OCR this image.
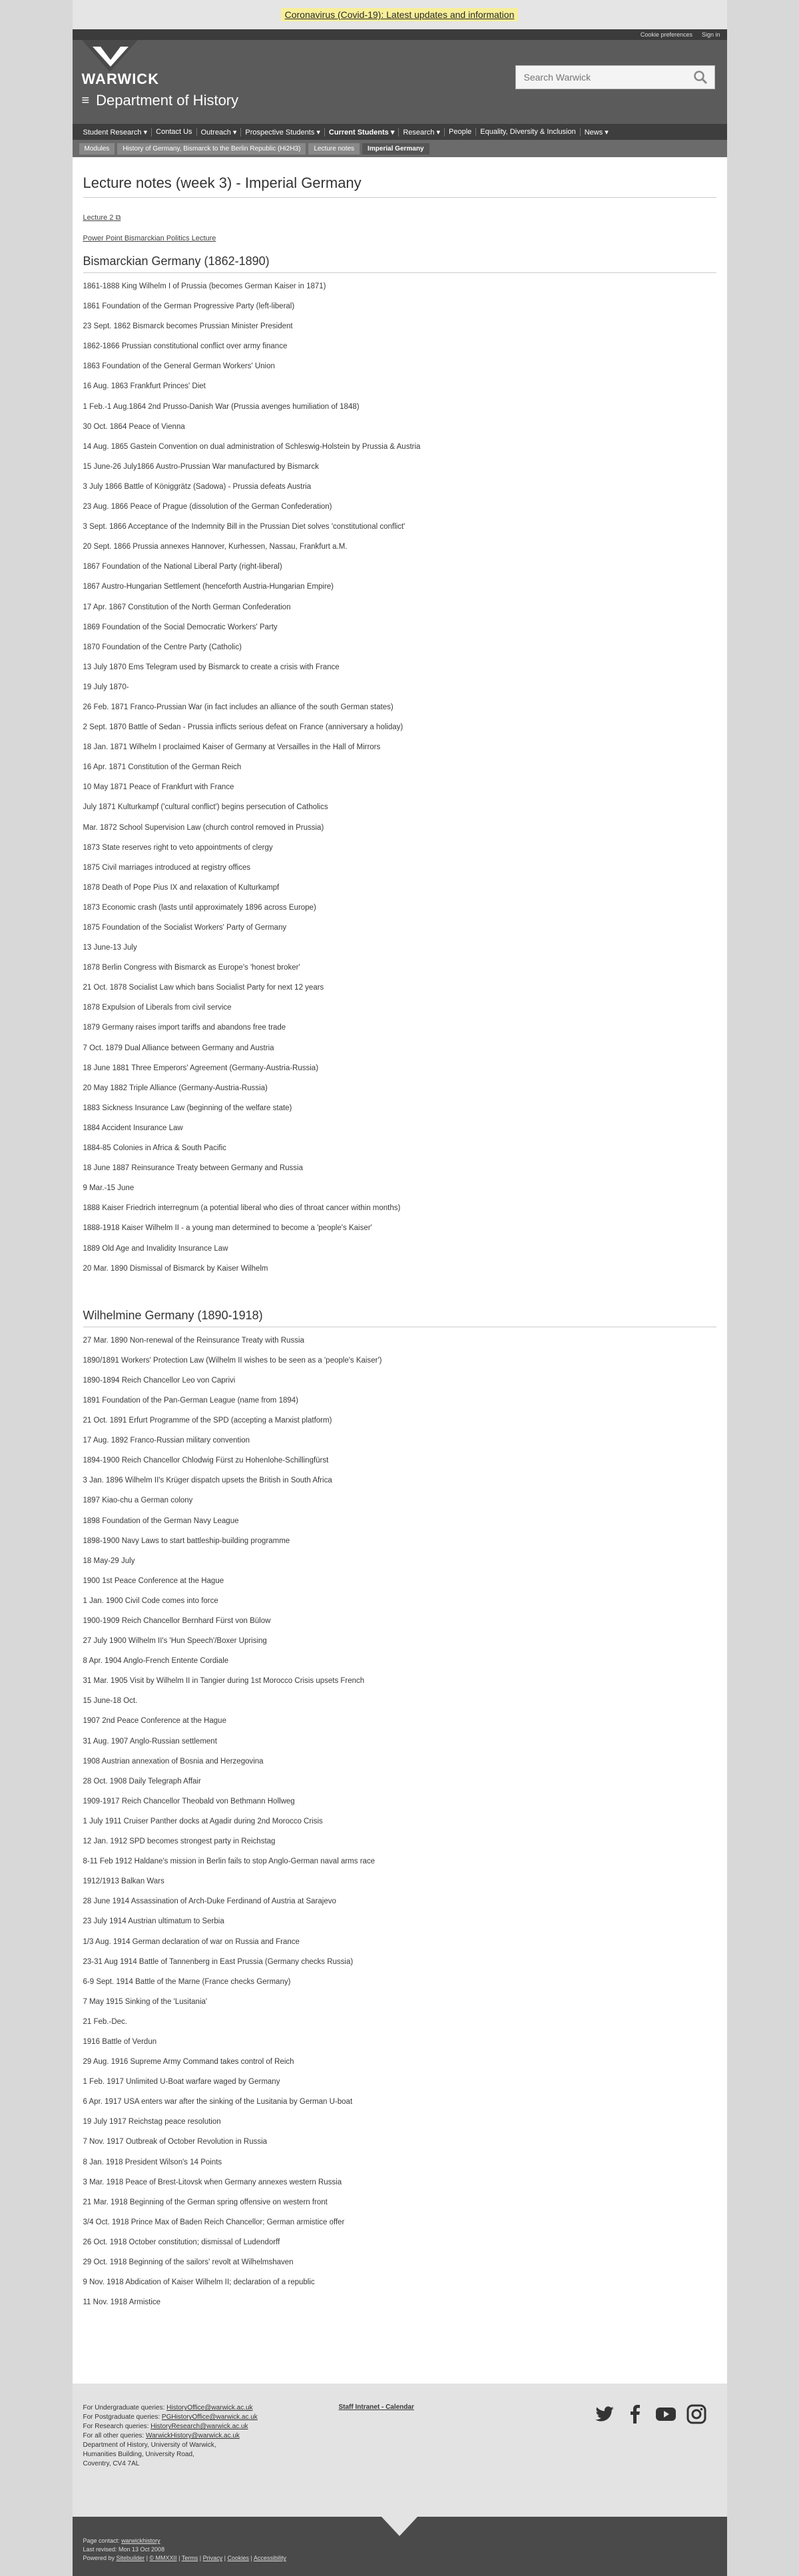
Coronavirus (Covid-19): Latest updates and information
Cookie preferences Sign in
WARWICK
≡ Department of History
Search Warwick
Student Research ▾	Contact Us	Outreach ▾	Prospective Students ▾	Current Students ▾	Research ▾	People	Equality, Diversity & Inclusion	News ▾
Modules	History of Germany, Bismarck to the Berlin Republic (Hi2H3)	Lecture notes	Imperial Germany
Lecture notes (week 3) - Imperial Germany

Lecture 2 ⧉

Power Point Bismarckian Politics Lecture

Bismarckian Germany (1862-1890)

1861-1888 King Wilhelm I of Prussia (becomes German Kaiser in 1871)

1861 Foundation of the German Progressive Party (left-liberal)

23 Sept. 1862 Bismarck becomes Prussian Minister President

1862-1866 Prussian constitutional conflict over army finance

1863 Foundation of the General German Workers' Union

16 Aug. 1863 Frankfurt Princes' Diet

1 Feb.-1 Aug.1864 2nd Prusso-Danish War (Prussia avenges humiliation of 1848)

30 Oct. 1864 Peace of Vienna

14 Aug. 1865 Gastein Convention on dual administration of Schleswig-Holstein by Prussia & Austria

15 June-26 July1866 Austro-Prussian War manufactured by Bismarck

3 July 1866 Battle of Königgrätz (Sadowa) - Prussia defeats Austria

23 Aug. 1866 Peace of Prague (dissolution of the German Confederation)

3 Sept. 1866 Acceptance of the Indemnity Bill in the Prussian Diet solves 'constitutional conflict'

20 Sept. 1866 Prussia annexes Hannover, Kurhessen, Nassau, Frankfurt a.M.

1867 Foundation of the National Liberal Party (right-liberal)

1867 Austro-Hungarian Settlement (henceforth Austria-Hungarian Empire)

17 Apr. 1867 Constitution of the North German Confederation

1869 Foundation of the Social Democratic Workers' Party

1870 Foundation of the Centre Party (Catholic)

13 July 1870 Ems Telegram used by Bismarck to create a crisis with France

19 July 1870-

26 Feb. 1871 Franco-Prussian War (in fact includes an alliance of the south German states)

2 Sept. 1870 Battle of Sedan - Prussia inflicts serious defeat on France (anniversary a holiday)

18 Jan. 1871 Wilhelm I proclaimed Kaiser of Germany at Versailles in the Hall of Mirrors

16 Apr. 1871 Constitution of the German Reich

10 May 1871 Peace of Frankfurt with France

July 1871 Kulturkampf ('cultural conflict') begins persecution of Catholics

Mar. 1872 School Supervision Law (church control removed in Prussia)

1873 State reserves right to veto appointments of clergy

1875 Civil marriages introduced at registry offices

1878 Death of Pope Pius IX and relaxation of Kulturkampf

1873 Economic crash (lasts until approximately 1896 across Europe)

1875 Foundation of the Socialist Workers' Party of Germany

13 June-13 July

1878 Berlin Congress with Bismarck as Europe's 'honest broker'

21 Oct. 1878 Socialist Law which bans Socialist Party for next 12 years

1878 Expulsion of Liberals from civil service

1879 Germany raises import tariffs and abandons free trade

7 Oct. 1879 Dual Alliance between Germany and Austria

18 June 1881 Three Emperors' Agreement (Germany-Austria-Russia)

20 May 1882 Triple Alliance (Germany-Austria-Russia)

1883 Sickness Insurance Law (beginning of the welfare state)

1884 Accident Insurance Law

1884-85 Colonies in Africa & South Pacific

18 June 1887 Reinsurance Treaty between Germany and Russia

9 Mar.-15 June

1888 Kaiser Friedrich interregnum (a potential liberal who dies of throat cancer within months)

1888-1918 Kaiser Wilhelm II - a young man determined to become a 'people's Kaiser'

1889 Old Age and Invalidity Insurance Law

20 Mar. 1890 Dismissal of Bismarck by Kaiser Wilhelm

Wilhelmine Germany (1890-1918)

27 Mar. 1890 Non-renewal of the Reinsurance Treaty with Russia

1890/1891 Workers' Protection Law (Wilhelm II wishes to be seen as a 'people's Kaiser')

1890-1894 Reich Chancellor Leo von Caprivi

1891 Foundation of the Pan-German League (name from 1894)

21 Oct. 1891 Erfurt Programme of the SPD (accepting a Marxist platform)

17 Aug. 1892 Franco-Russian military convention

1894-1900 Reich Chancellor Chlodwig Fürst zu Hohenlohe-Schillingfürst

3 Jan. 1896 Wilhelm II's Krüger dispatch upsets the British in South Africa

1897 Kiao-chu a German colony

1898 Foundation of the German Navy League

1898-1900 Navy Laws to start battleship-building programme

18 May-29 July

1900 1st Peace Conference at the Hague

1 Jan. 1900 Civil Code comes into force

1900-1909 Reich Chancellor Bernhard Fürst von Bülow

27 July 1900 Wilhelm II's 'Hun Speech'/Boxer Uprising

8 Apr. 1904 Anglo-French Entente Cordiale

31 Mar. 1905 Visit by Wilhelm II in Tangier during 1st Morocco Crisis upsets French

15 June-18 Oct.

1907 2nd Peace Conference at the Hague

31 Aug. 1907 Anglo-Russian settlement

1908 Austrian annexation of Bosnia and Herzegovina

28 Oct. 1908 Daily Telegraph Affair

1909-1917 Reich Chancellor Theobald von Bethmann Hollweg

1 July 1911 Cruiser Panther docks at Agadir during 2nd Morocco Crisis

12 Jan. 1912 SPD becomes strongest party in Reichstag

8-11 Feb 1912 Haldane's mission in Berlin fails to stop Anglo-German naval arms race

1912/1913 Balkan Wars

28 June 1914 Assassination of Arch-Duke Ferdinand of Austria at Sarajevo

23 July 1914 Austrian ultimatum to Serbia

1/3 Aug. 1914 German declaration of war on Russia and France

23-31 Aug 1914 Battle of Tannenberg in East Prussia (Germany checks Russia)

6-9 Sept. 1914 Battle of the Marne (France checks Germany)

7 May 1915 Sinking of the 'Lusitania'

21 Feb.-Dec.

1916 Battle of Verdun

29 Aug. 1916 Supreme Army Command takes control of Reich

1 Feb. 1917 Unlimited U-Boat warfare waged by Germany

6 Apr. 1917 USA enters war after the sinking of the Lusitania by German U-boat

19 July 1917 Reichstag peace resolution

7 Nov. 1917 Outbreak of October Revolution in Russia

8 Jan. 1918 President Wilson's 14 Points

3 Mar. 1918 Peace of Brest-Litovsk when Germany annexes western Russia

21 Mar. 1918 Beginning of the German spring offensive on western front

3/4 Oct. 1918 Prince Max of Baden Reich Chancellor; German armistice offer

26 Oct. 1918 October constitution; dismissal of Ludendorff

29 Oct. 1918 Beginning of the sailors' revolt at Wilhelmshaven

9 Nov. 1918 Abdication of Kaiser Wilhelm II; declaration of a republic

11 Nov. 1918 Armistice

For Undergraduate queries: HistoryOffice@warwick.ac.uk
For Postgraduate queries: PGHistoryOffice@warwick.ac.uk
For Research queries: HistoryResearch@warwick.ac.uk
For all other queries: WarwickHistory@warwick.ac.uk
Department of History, University of Warwick,
Humanities Building, University Road,
Coventry, CV4 7AL
Staff Intranet - Calendar
Page contact: warwickhistory
Last revised: Mon 13 Oct 2008
Powered by Sitebuilder | © MMXXII | Terms | Privacy | Cookies | Accessibility
